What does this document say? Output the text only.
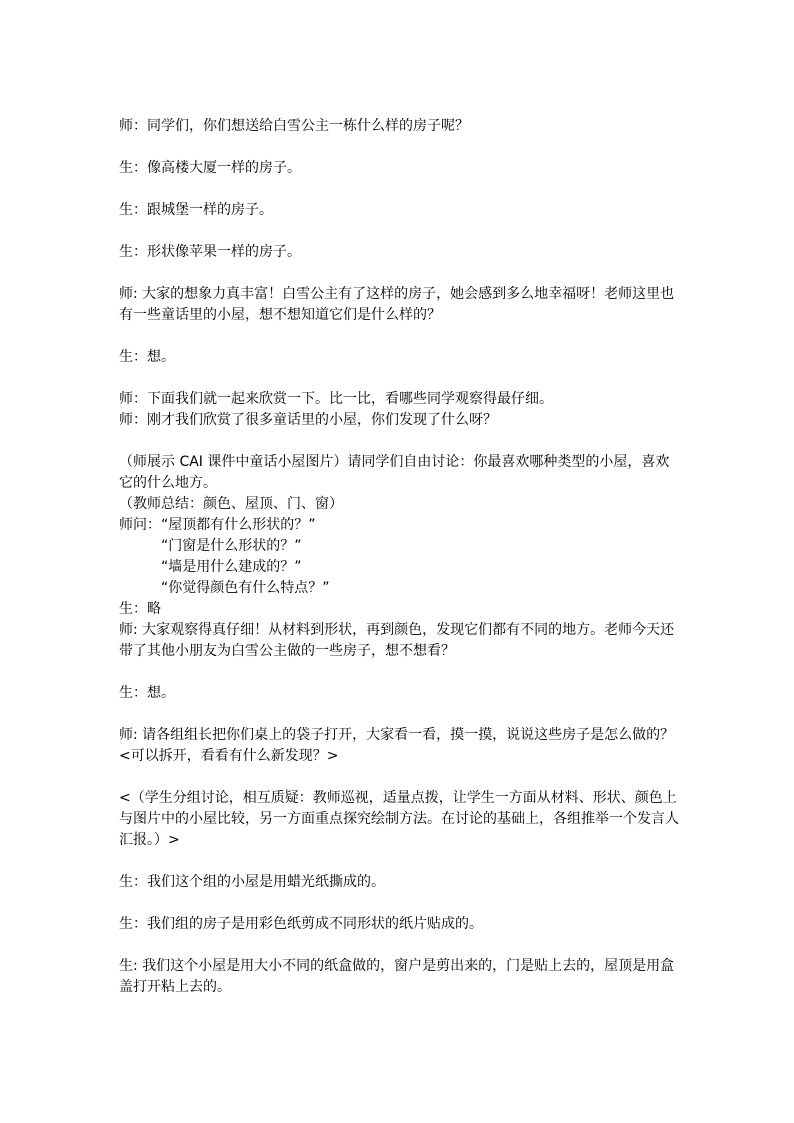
师：同学们，你们想送给白雪公主一栋什么样的房子呢？

生：像高楼大厦一样的房子。

生：跟城堡一样的房子。

生：形状像苹果一样的房子。

师: 大家的想象力真丰富！白雪公主有了这样的房子，她会感到多么地幸福呀！老师这里也

有一些童话里的小屋，想不想知道它们是什么样的？

生：想。

师：下面我们就一起来欣赏一下。比一比，看哪些同学观察得最仔细。

师：刚才我们欣赏了很多童话里的小屋，你们发现了什么呀？

（师展示 CAI 课件中童话小屋图片）请同学们自由讨论：你最喜欢哪种类型的小屋，喜欢

它的什么地方。

（教师总结：颜色、屋顶、门、窗）

师问：“屋顶都有什么形状的？”

“门窗是什么形状的？”

“墙是用什么建成的？”

“你觉得颜色有什么特点？”

生：略

师: 大家观察得真仔细！从材料到形状，再到颜色，发现它们都有不同的地方。老师今天还

带了其他小朋友为白雪公主做的一些房子，想不想看？

生：想。

师: 请各组组长把你们桌上的袋子打开，大家看一看，摸一摸，说说这些房子是怎么做的？

<可以拆开，看看有什么新发现？>

<（学生分组讨论，相互质疑：教师巡视，适量点拨，让学生一方面从材料、形状、颜色上

与图片中的小屋比较，另一方面重点探究绘制方法。在讨论的基础上，各组推举一个发言人

汇报。）>

生：我们这个组的小屋是用蜡光纸撕成的。

生：我们组的房子是用彩色纸剪成不同形状的纸片贴成的。

生: 我们这个小屋是用大小不同的纸盒做的，窗户是剪出来的，门是贴上去的，屋顶是用盒

盖打开粘上去的。
